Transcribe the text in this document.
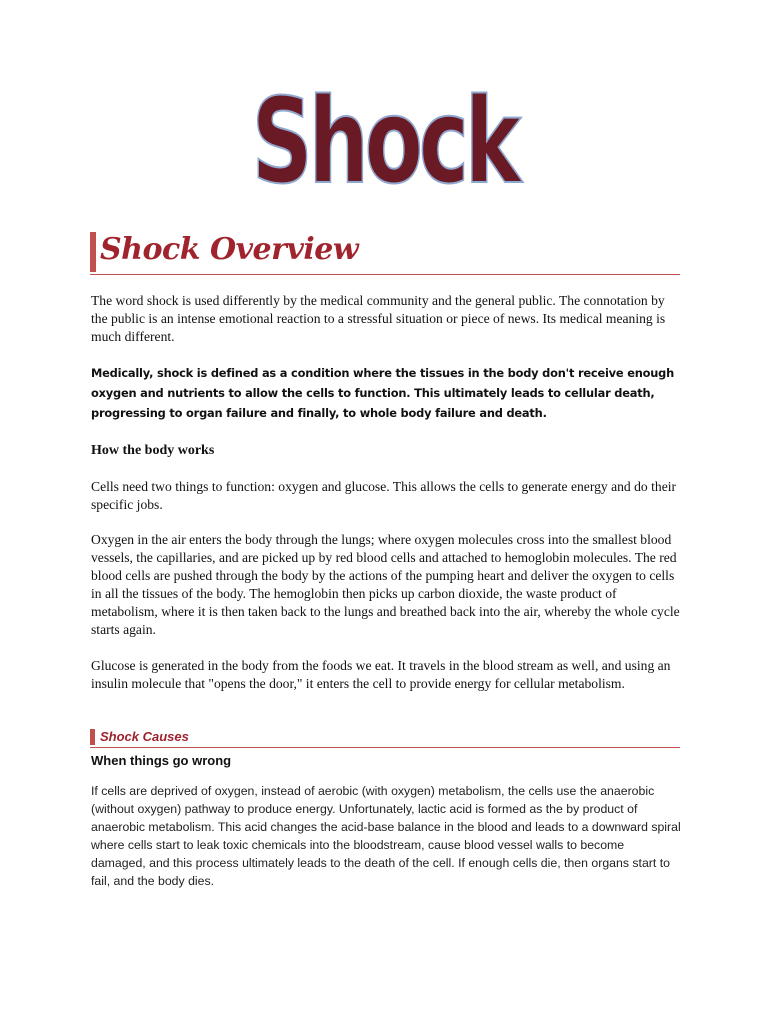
Shock
Shock Overview
The word shock is used differently by the medical community and the general public. The connotation by the public is an intense emotional reaction to a stressful situation or piece of news. Its medical meaning is much different.
Medically, shock is defined as a condition where the tissues in the body don't receive enough oxygen and nutrients to allow the cells to function. This ultimately leads to cellular death, progressing to organ failure and finally, to whole body failure and death.
How the body works
Cells need two things to function: oxygen and glucose. This allows the cells to generate energy and do their specific jobs.
Oxygen in the air enters the body through the lungs; where oxygen molecules cross into the smallest blood vessels, the capillaries, and are picked up by red blood cells and attached to hemoglobin molecules. The red blood cells are pushed through the body by the actions of the pumping heart and deliver the oxygen to cells in all the tissues of the body. The hemoglobin then picks up carbon dioxide, the waste product of metabolism, where it is then taken back to the lungs and breathed back into the air, whereby the whole cycle starts again.
Glucose is generated in the body from the foods we eat. It travels in the blood stream as well, and using an insulin molecule that "opens the door," it enters the cell to provide energy for cellular metabolism.
Shock Causes
When things go wrong
If cells are deprived of oxygen, instead of aerobic (with oxygen) metabolism, the cells use the anaerobic (without oxygen) pathway to produce energy. Unfortunately, lactic acid is formed as the by product of anaerobic metabolism. This acid changes the acid-base balance in the blood and leads to a downward spiral where cells start to leak toxic chemicals into the bloodstream, cause blood vessel walls to become damaged, and this process ultimately leads to the death of the cell. If enough cells die, then organs start to fail, and the body dies.
